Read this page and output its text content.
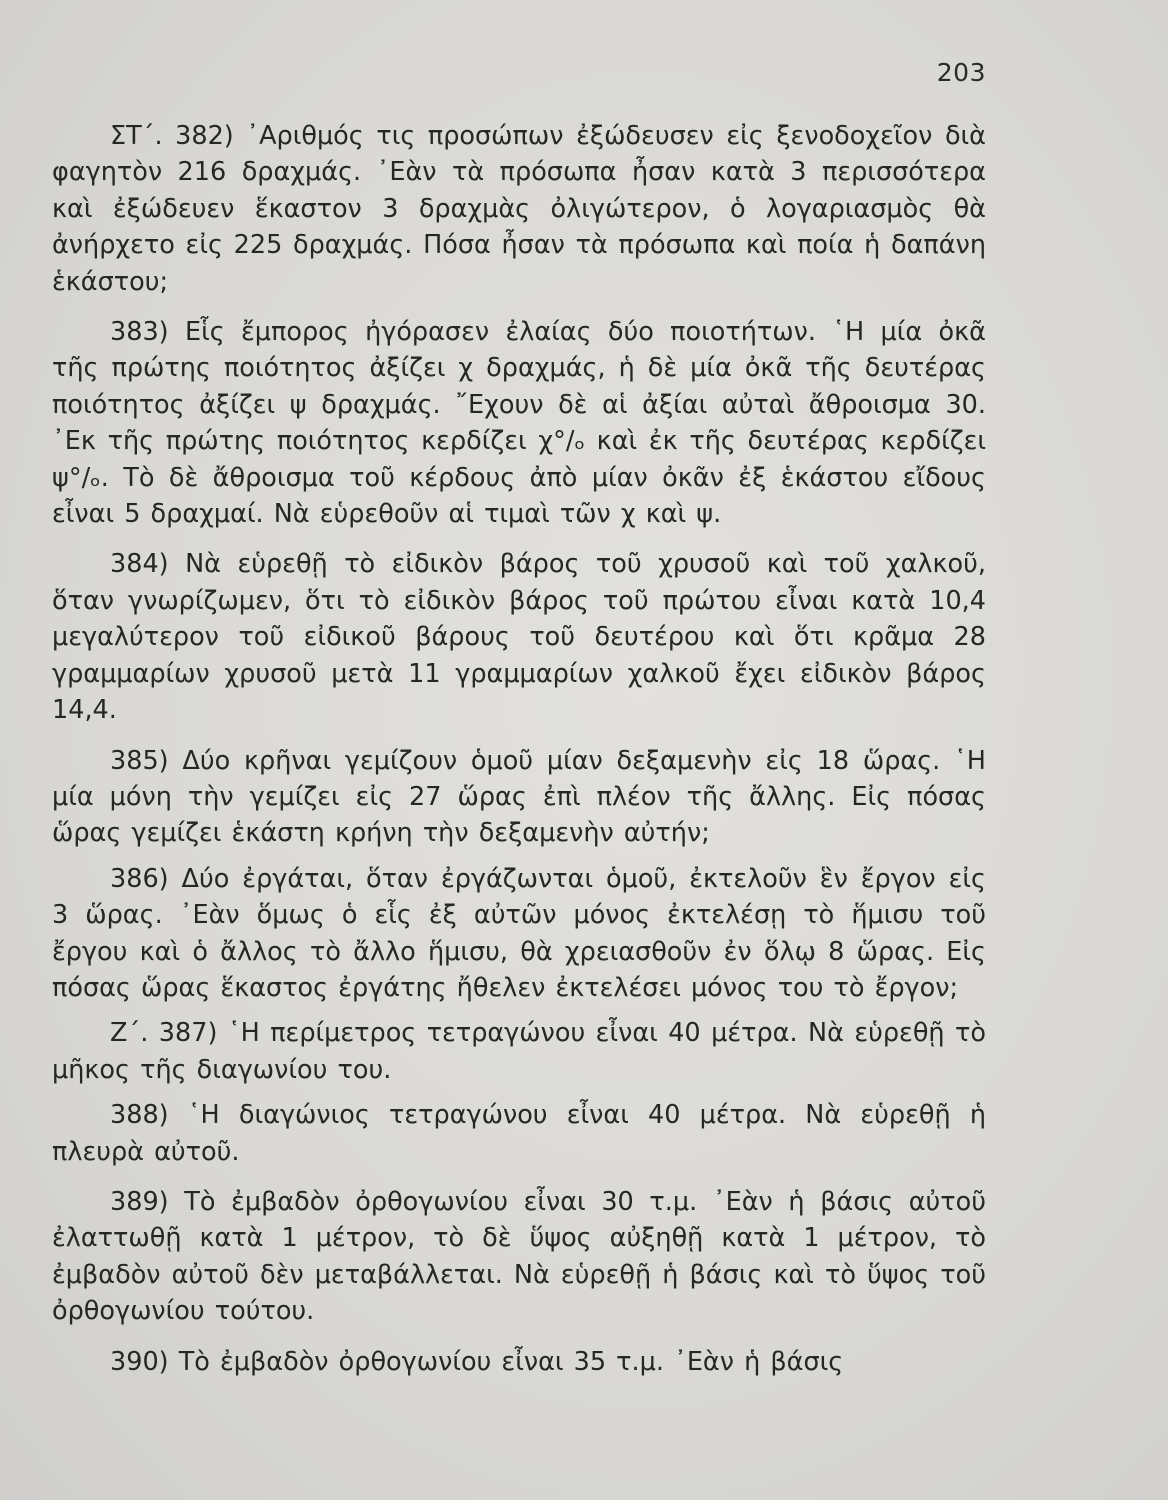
203

ΣΤ΄. 382) ᾿Αριθμός τις προσώπων ἐξώδευσεν εἰς ξενοδοχεῖον διὰ φαγητὸν 216 δραχμάς. ᾿Εὰν τὰ πρόσωπα ἦσαν κατὰ 3 περισσότερα καὶ ἐξώδευεν ἕκαστον 3 δραχμὰς ὀλιγώτερον, ὁ λογαριασμὸς θὰ ἀνήρχετο εἰς 225 δραχμάς. Πόσα ἦσαν τὰ πρόσωπα καὶ ποία ἡ δαπάνη ἑκάστου;

383) Εἷς ἔμπορος ἠγόρασεν ἐλαίας δύο ποιοτήτων. ῾Η μία ὀκᾶ τῆς πρώτης ποιότητος ἀξίζει χ δραχμάς, ἡ δὲ μία ὀκᾶ τῆς δευτέρας ποιότητος ἀξίζει ψ δραχμάς. ῎Εχουν δὲ αἱ ἀξίαι αὐταὶ ἄθροισμα 30. ᾿Εκ τῆς πρώτης ποιότητος κερδίζει χ°/ₒ καὶ ἐκ τῆς δευτέρας κερδίζει ψ°/ₒ. Τὸ δὲ ἄθροισμα τοῦ κέρδους ἀπὸ μίαν ὀκᾶν ἐξ ἑκάστου εἴδους εἶναι 5 δραχμαί. Νὰ εὑρεθοῦν αἱ τιμαὶ τῶν χ καὶ ψ.

384) Νὰ εὑρεθῇ τὸ εἰδικὸν βάρος τοῦ χρυσοῦ καὶ τοῦ χαλκοῦ, ὅταν γνωρίζωμεν, ὅτι τὸ εἰδικὸν βάρος τοῦ πρώτου εἶναι κατὰ 10,4 μεγαλύτερον τοῦ εἰδικοῦ βάρους τοῦ δευτέρου καὶ ὅτι κρᾶμα 28 γραμμαρίων χρυσοῦ μετὰ 11 γραμμαρίων χαλκοῦ ἔχει εἰδικὸν βάρος 14,4.

385) Δύο κρῆναι γεμίζουν ὁμοῦ μίαν δεξαμενὴν εἰς 18 ὥρας. ῾Η μία μόνη τὴν γεμίζει εἰς 27 ὥρας ἐπὶ πλέον τῆς ἄλλης. Εἰς πόσας ὥρας γεμίζει ἑκάστη κρήνη τὴν δεξαμενὴν αὐτήν;

386) Δύο ἐργάται, ὅταν ἐργάζωνται ὁμοῦ, ἐκτελοῦν ἓν ἔργον εἰς 3 ὥρας. ᾿Εὰν ὅμως ὁ εἷς ἐξ αὐτῶν μόνος ἐκτελέσῃ τὸ ἥμισυ τοῦ ἔργου καὶ ὁ ἄλλος τὸ ἄλλο ἥμισυ, θὰ χρειασθοῦν ἐν ὅλῳ 8 ὥρας. Εἰς πόσας ὥρας ἕκαστος ἐργάτης ἤθελεν ἐκτελέσει μόνος του τὸ ἔργον;

Ζ΄. 387) ῾Η περίμετρος τετραγώνου εἶναι 40 μέτρα. Νὰ εὑρεθῇ τὸ μῆκος τῆς διαγωνίου του.

388) ῾Η διαγώνιος τετραγώνου εἶναι 40 μέτρα. Νὰ εὑρεθῇ ἡ πλευρὰ αὐτοῦ.

389) Τὸ ἐμβαδὸν ὀρθογωνίου εἶναι 30 τ.μ. ᾿Εὰν ἡ βάσις αὐτοῦ ἐλαττωθῇ κατὰ 1 μέτρον, τὸ δὲ ὕψος αὐξηθῇ κατὰ 1 μέτρον, τὸ ἐμβαδὸν αὐτοῦ δὲν μεταβάλλεται. Νὰ εὑρεθῇ ἡ βάσις καὶ τὸ ὕψος τοῦ ὀρθογωνίου τούτου.

390) Τὸ ἐμβαδὸν ὀρθογωνίου εἶναι 35 τ.μ. ᾿Εὰν ἡ βάσις
